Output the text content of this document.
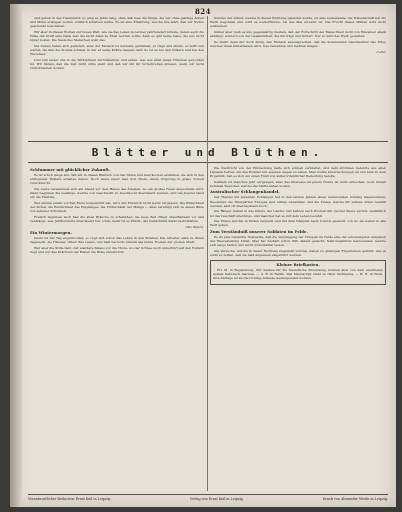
824

und gehen in das Traumland; so ging es Jahre lang, ohne daß man die Dinge, die wir ohne geistige Arbeit und Mühe erlangen wollen, wirklich schätzen lernte. Es ist eine Erfahrung, welche uns lehrt, daß wir Nichts geschenkt bekommen.

Wir aber in diesen Worten zur bösen Welt, wie sie das Leben im letzten Jahrhundert bildete, denen auch die Höhe der Kraft eine Gabe war, die nicht Allen zu Theil werden sollte; denn es gibt keine Gabe, die uns nicht Opfer kostet. Die Seele des Menschen weiß das.

Die Zeiten haben sich geändert, aber der Mensch ist derselbe geblieben; er ringt und strebt, er hofft und wartet, bis ihm die Stunde schlägt, in der er seine Kräfte messen darf. So ist es bei den Völkern und bei den Einzelnen.

Und nun lasset uns in die Wirklichkeit zurückkehren und sehen, was aus allen jenen Träumen geworden ist. Wir finden, daß die Zeit nicht stille steht und daß wir mit ihr fortschreiten müssen, wenn wir nicht zurückbleiben wollen.

Summe der Arbeit, welche in dieser Richtung geleistet wurde, ist eine bedeutende; die Wissenschaft hat ihr Werk begonnen und wird es weiterführen, bis das Ziel erreicht ist. Die Frucht dieser Mühen wird nicht ausbleiben.

Immer aber muß es uns gegenwärtig bleiben, daß der Fortschritt der Menschheit nicht von Einzelnen allein abhängt, sondern von der Gesammtheit, die ihn trägt und fördert. Nur so wird das Werk gedeihen.

So bleibt denn nur noch übrig, den Wunsch auszusprechen, daß die kommenden Geschlechter das Erbe, welches ihnen hinterlassen wird, treu bewahren und mehren mögen.

Cotta.

Blätter und Blüthen.

Schlummer mit glücklicher Zukunft.

Es ist schon lange her, daß wir in diesen Blättern von den Sitten und Gebräuchen erzählten, die sich in den entlegenen Thälern erhalten haben. Noch heute feiert man dort Feste, deren Ursprung in graue Vorzeit zurückreicht.

Die Leute versammeln sich am Abend vor dem Hause des Ältesten, wo ein großes Feuer angezündet wird. Dann beginnen die Gesänge, welche von Geschlecht zu Geschlecht überliefert wurden, und die Jugend tanzt um die Flamme.

Wer einmal einem solchen Feste beigewohnt hat, wird den Eindruck nicht leicht vergessen. Die Einfachheit der Sitten, die Herzlichkeit des Empfanges, die Fröhlichkeit der Menge — alles vereinigt sich zu einem Bilde von seltener Schönheit.

Freilich beginnen auch hier die alten Bräuche zu schwinden; die neue Zeit dringt unaufhaltsam vor und verdrängt, was Jahrhunderte überdauert hat. Umso mehr ist es Pflicht, das Gedächtniß daran festzuhalten.

Otto Banck.

Ein Wintermorgen.

Kaum ist der Tag angebrochen, so regt sich schon das Leben in den Straßen. Die Arbeiter eilen zu ihrem Tagewerk, die Händler öffnen ihre Läden, und bald herrscht überall das bunte Treiben der großen Stadt.

Wer aber die Stille liebt, der wandere hinaus vor die Thore, wo der Schnee noch unberührt auf den Feldern liegt und nur das Krächzen der Raben die Ruhe unterbricht.

Die Nachricht von der Entdeckung hatte sich schnell verbreitet, und bald strömten Gelehrte aus allen Ländern herbei, um das Wunder mit eigenen Augen zu sehen. Man stellte Untersuchungen an und kam zu dem Ergebniß, daß es sich um einen Fund von außerordentlicher Bedeutung handle.

Seitdem ist manches Jahr vergangen, aber das Interesse an jenem Funde ist nicht erloschen; noch immer kommen Besucher, welche die Stätte sehen wollen.

Australischer Schlangenhandel.

Der Handel mit lebenden Schlangen hat in den letzten Jahren einen bedeutenden Umfang angenommen. Besonders die Thiergärten Europas sind eifrige Abnehmer, und die Preise, welche für seltene Arten bezahlt werden, sind oft überraschend hoch.

Die Fänger ziehen in das Innere des Landes und kehren nach Wochen mit reicher Beute zurück. Gefährlich ist das Geschäft allerdings, und mancher hat es mit dem Leben bezahlt.

Die Thiere werden in Kisten verpackt und mit dem Dampfer nach London gesandt, von wo sie weiter in alle Welt gehen.

Zum Verständniß unserer Soldaten im Felde.

Es ist eine bekannte Thatsache, daß die Verpflegung der Truppen im Felde eine der schwierigsten Aufgaben der Heeresleitung bildet. Man hat deshalb schon früh darauf gedacht, Nahrungsmittel herzustellen, welche sich lange halten und leicht fortschaffen lassen.

Die Versuche, welche in dieser Richtung angestellt wurden, haben zu günstigen Ergebnissen geführt, und es steht zu hoffen, daß sie bald allgemein eingeführt werden.

Kleiner Briefkasten.

Frl. M. in Regensburg. Wir danken für die freundliche Zusendung, können aber von dem Anerbieten keinen Gebrauch machen. — A. B. in Berlin. Das Manuscript steht zu Ihrer Verfügung. — H. R. in Wien. Ihre Anfrage ist an die richtige Adresse weitergeleitet worden.

Verantwortlicher Redacteur Ernst Keil in Leipzig.	Verlag von Ernst Keil in Leipzig.	Druck von Alexander Wiede in Leipzig.
